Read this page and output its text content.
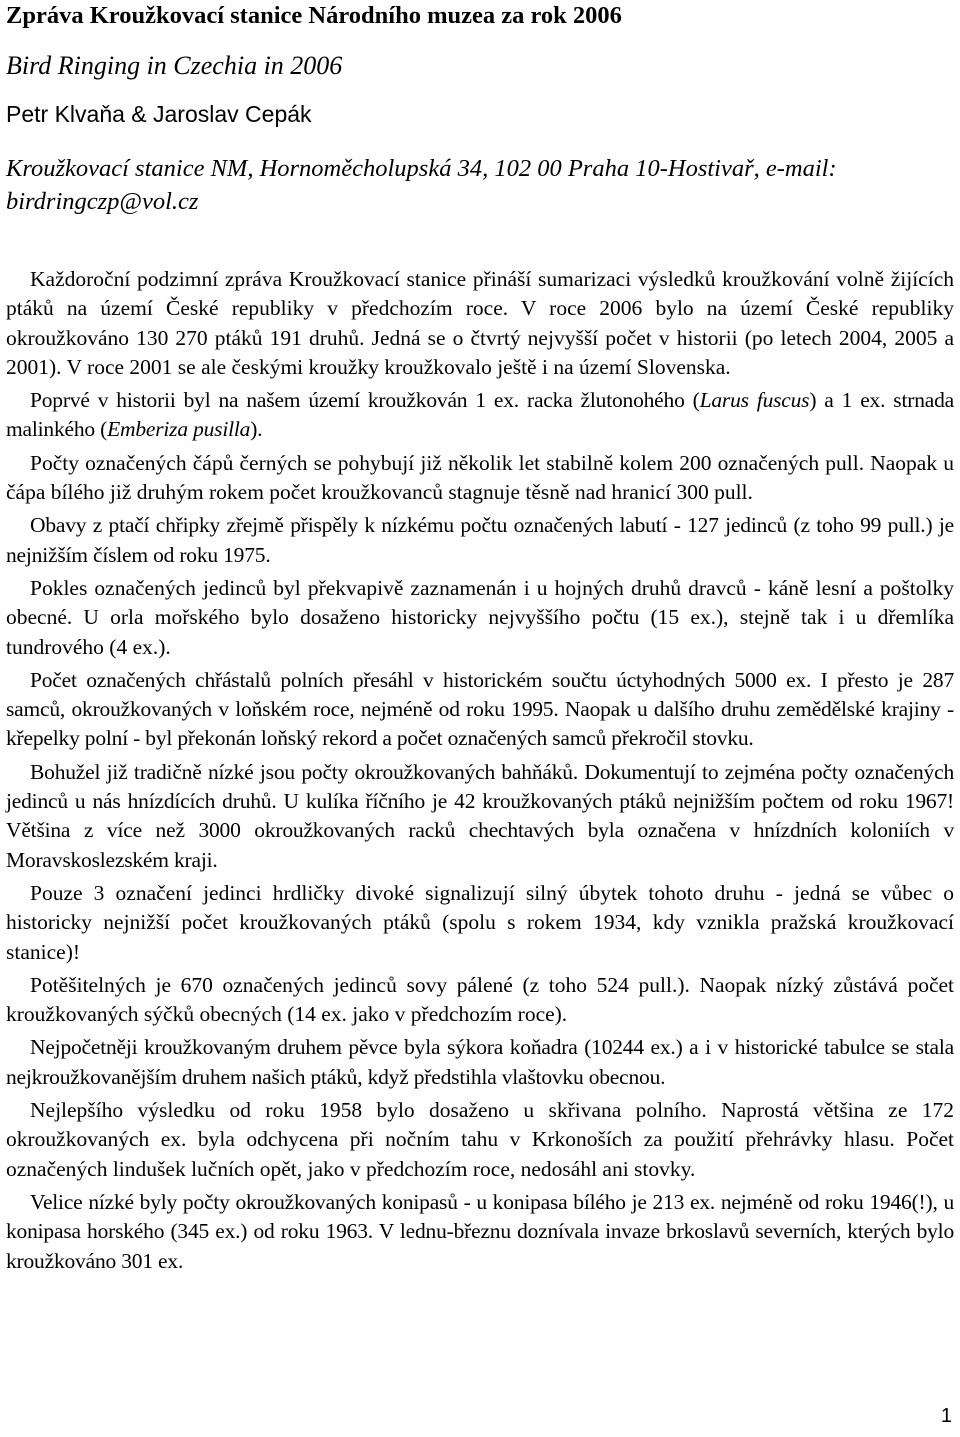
Zpráva Kroužkovací stanice Národního muzea za rok 2006
Bird Ringing in Czechia in 2006
Petr Klvaňa & Jaroslav Cepák
Kroužkovací stanice NM, Hornoměcholupská 34, 102 00 Praha 10-Hostivař, e-mail: birdringczp@vol.cz

Každoroční podzimní zpráva Kroužkovací stanice přináší sumarizaci výsledků kroužkování volně žijících ptáků na území České republiky v předchozím roce. V roce 2006 bylo na území České republiky okroužkováno 130 270 ptáků 191 druhů. Jedná se o čtvrtý nejvyšší počet v historii (po letech 2004, 2005 a 2001). V roce 2001 se ale českými kroužky kroužkovalo ještě i na území Slovenska.

Poprvé v historii byl na našem území kroužkován 1 ex. racka žlutonohého (Larus fuscus) a 1 ex. strnada malinkého (Emberiza pusilla).

Počty označených čápů černých se pohybují již několik let stabilně kolem 200 označených pull. Naopak u čápa bílého již druhým rokem počet kroužkovanců stagnuje těsně nad hranicí 300 pull.

Obavy z ptačí chřipky zřejmě přispěly k nízkému počtu označených labutí - 127 jedinců (z toho 99 pull.) je nejnižším číslem od roku 1975.

Pokles označených jedinců byl překvapivě zaznamenán i u hojných druhů dravců - káně lesní a poštolky obecné. U orla mořského bylo dosaženo historicky nejvyššího počtu (15 ex.), stejně tak i u dřemlíka tundrového (4 ex.).

Počet označených chřástalů polních přesáhl v historickém součtu úctyhodných 5000 ex. I přesto je 287 samců, okroužkovaných v loňském roce, nejméně od roku 1995. Naopak u dalšího druhu zemědělské krajiny - křepelky polní - byl překonán loňský rekord a počet označených samců překročil stovku.

Bohužel již tradičně nízké jsou počty okroužkovaných bahňáků. Dokumentují to zejména počty označených jedinců u nás hnízdících druhů. U kulíka říčního je 42 kroužkovaných ptáků nejnižším počtem od roku 1967! Většina z více než 3000 okroužkovaných racků chechtavých byla označena v hnízdních koloniích v Moravskoslezském kraji.

Pouze 3 označení jedinci hrdličky divoké signalizují silný úbytek tohoto druhu - jedná se vůbec o historicky nejnižší počet kroužkovaných ptáků (spolu s rokem 1934, kdy vznikla pražská kroužkovací stanice)!

Potěšitelných je 670 označených jedinců sovy pálené (z toho 524 pull.). Naopak nízký zůstává počet kroužkovaných sýčků obecných (14 ex. jako v předchozím roce).

Nejpočetněji kroužkovaným druhem pěvce byla sýkora koňadra (10244 ex.) a i v historické tabulce se stala nejkroužkovanějším druhem našich ptáků, když předstihla vlaštovku obecnou.

Nejlepšího výsledku od roku 1958 bylo dosaženo u skřivana polního. Naprostá většina ze 172 okroužkovaných ex. byla odchycena při nočním tahu v Krkonoších za použití přehrávky hlasu. Počet označených lindušek lučních opět, jako v předchozím roce, nedosáhl ani stovky.

Velice nízké byly počty okroužkovaných konipasů - u konipasa bílého je 213 ex. nejméně od roku 1946(!), u konipasa horského (345 ex.) od roku 1963. V lednu-březnu doznívala invaze brkoslavů severních, kterých bylo kroužkováno 301 ex.

1
